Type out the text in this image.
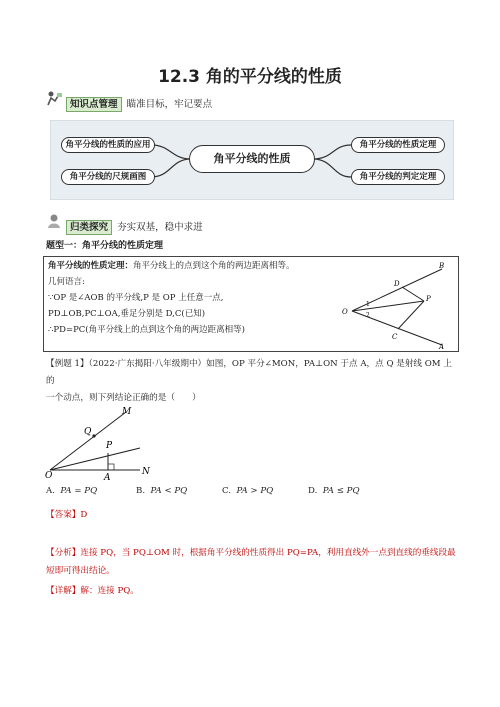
12.3 角的平分线的性质
知识点管理 瞄准目标，牢记要点
角平分线的性质的应用
角平分线的尺规画图
角平分线的性质
角平分线的性质定理
角平分线的判定定理
归类探究 夯实双基，稳中求进
题型一：角平分线的性质定理
角平分线的性质定理：角平分线上的点到这个角的两边距离相等。
几何语言:
∵OP 是∠AOB 的平分线,P 是 OP 上任意一点,
PD⊥OB,PC⊥OA,垂足分别是 D,C(已知)
∴PD=PC(角平分线上的点到这个角的两边距离相等)
O
B
D
P
C
A
1
2
【例题 1】（2022·广东揭阳·八年级期中）如图，OP 平分∠MON，PA⊥ON 于点 A，点 Q 是射线 OM 上的
一个动点，则下列结论正确的是（　　）
O
M
Q
P
A
N
A. PA = PQ	B. PA < PQ	C. PA > PQ	D. PA ≤ PQ
【答案】D
【分析】连接 PQ，当 PQ⊥OM 时，根据角平分线的性质得出 PQ=PA，利用直线外一点到直线的垂线段最
短即可得出结论。
【详解】解：连接 PQ。
